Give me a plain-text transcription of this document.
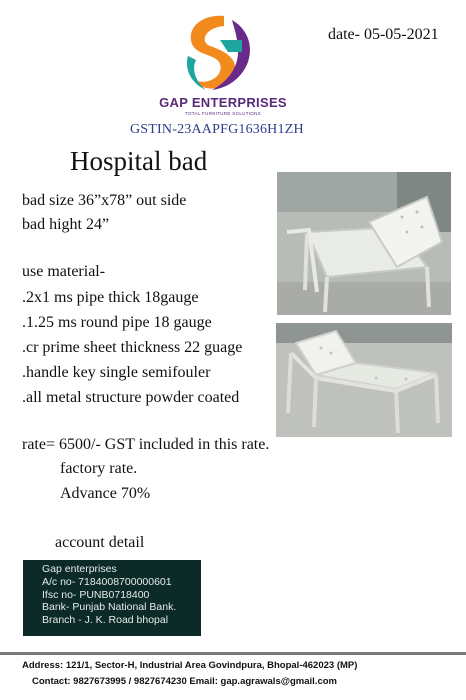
GAP ENTERPRISES
TOTAL FURNITURE SOLUTIONS
GSTIN-23AAPFG1636H1ZH
date- 05-05-2021
Hospital bad
bad size 36”x78” out side
bad hight 24”
use material-
.2x1 ms pipe thick 18gauge
.1.25 ms round pipe 18 gauge
.cr prime sheet thickness 22 guage
.handle key single semifouler
.all metal structure powder coated
rate= 6500/- GST included in this rate.
factory rate.
Advance 70%
account detail
Gap enterprises
A/c no- 7184008700000601
Ifsc no- PUNB0718400
Bank- Punjab National Bank.
Branch - J. K. Road bhopal
Address: 121/1, Sector-H, Industrial Area Govindpura, Bhopal-462023 (MP)
Contact: 9827673995 / 9827674230 Email: gap.agrawals@gmail.com
